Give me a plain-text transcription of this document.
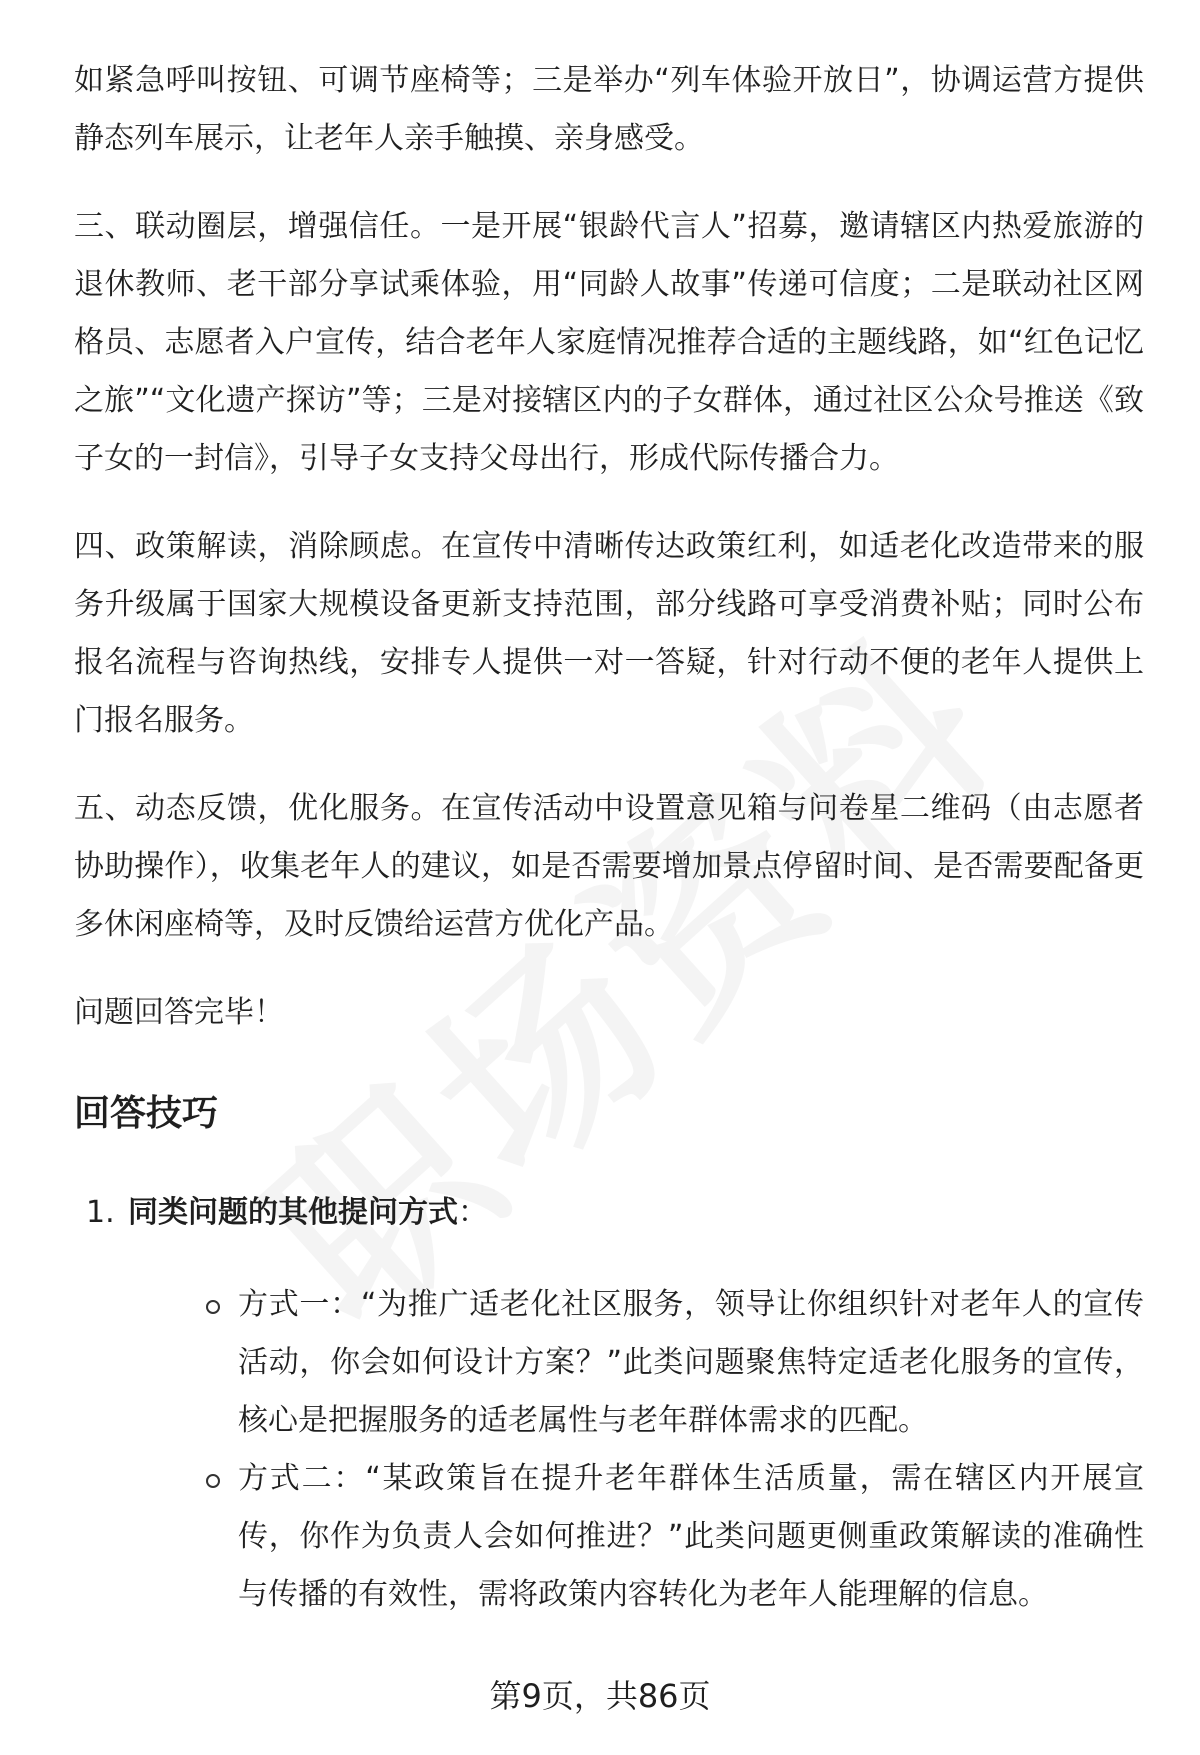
如紧急呼叫按钮、可调节座椅等；三是举办“列车体验开放日”，协调运营方提供静态列车展示，让老年人亲手触摸、亲身感受。

三、联动圈层，增强信任。一是开展“银龄代言人”招募，邀请辖区内热爱旅游的退休教师、老干部分享试乘体验，用“同龄人故事”传递可信度；二是联动社区网格员、志愿者入户宣传，结合老年人家庭情况推荐合适的主题线路，如“红色记忆之旅”“文化遗产探访”等；三是对接辖区内的子女群体，通过社区公众号推送《致子女的一封信》，引导子女支持父母出行，形成代际传播合力。

四、政策解读，消除顾虑。在宣传中清晰传达政策红利，如适老化改造带来的服务升级属于国家大规模设备更新支持范围，部分线路可享受消费补贴；同时公布报名流程与咨询热线，安排专人提供一对一答疑，针对行动不便的老年人提供上门报名服务。

五、动态反馈，优化服务。在宣传活动中设置意见箱与问卷星二维码（由志愿者协助操作），收集老年人的建议，如是否需要增加景点停留时间、是否需要配备更多休闲座椅等，及时反馈给运营方优化产品。

问题回答完毕！

回答技巧
1. 同类问题的其他提问方式：
方式一：“为推广适老化社区服务，领导让你组织针对老年人的宣传活动，你会如何设计方案？”此类问题聚焦特定适老化服务的宣传，核心是把握服务的适老属性与老年群体需求的匹配。
方式二：“某政策旨在提升老年群体生活质量，需在辖区内开展宣传，你作为负责人会如何推进？”此类问题更侧重政策解读的准确性与传播的有效性，需将政策内容转化为老年人能理解的信息。
第9页，共86页
